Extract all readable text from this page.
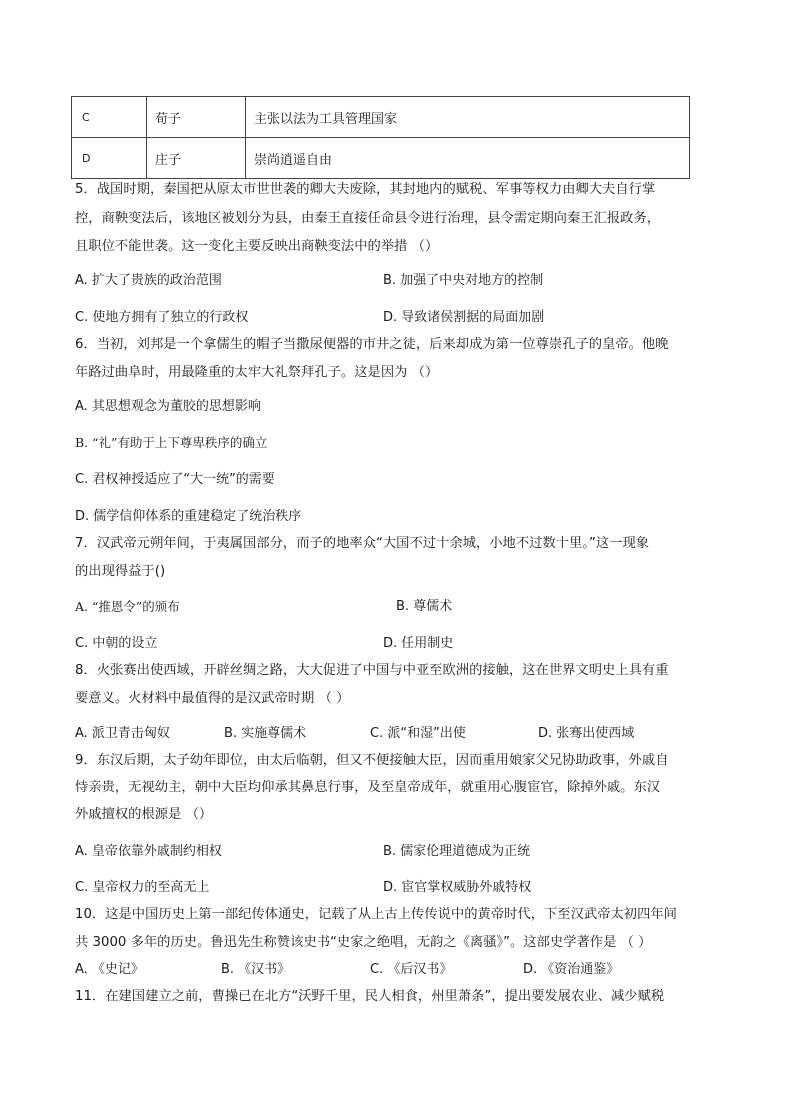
C	荀子	主张以法为工具管理国家
D	庄子	崇尚逍遥自由
5．战国时期，秦国把从原太市世世袭的卿大夫废除，其封地内的赋税、军事等权力由卿大夫自行掌
控，商鞅变法后，该地区被划分为县，由秦王直接任命县令进行治理，县令需定期向秦王汇报政务，
且职位不能世袭。这一变化主要反映出商鞅变法中的举措 （）
A. 扩大了贵族的政治范围	B. 加强了中央对地方的控制
C. 使地方拥有了独立的行政权	D. 导致诸侯割据的局面加剧
6．当初，刘邦是一个拿儒生的帽子当撒尿便器的市井之徒，后来却成为第一位尊崇孔子的皇帝。他晚
年路过曲阜时，用最隆重的太牢大礼祭拜孔子。这是因为 （）
A. 其思想观念为董胶的思想影响
B. “礼”有助于上下尊卑秩序的确立
C. 君权神授适应了“大一统”的需要
D. 儒学信仰体系的重建稳定了统治秩序
7．汉武帝元朔年间，于夷属国部分，而子的地率众“大国不过十余城，小地不过数十里。”这一现象
的出现得益于()
A. “推恩令”的颁布	B. 尊儒术
C. 中朝的设立	D. 任用制史
8．火张赛出使西域，开辟丝绸之路，大大促进了中国与中亚至欧洲的接触，这在世界文明史上具有重
要意义。火材料中最值得的是汉武帝时期 （ ）
A. 派卫青击匈奴	B. 实施尊儒术	C. 派“和湿”出使	D. 张骞出使西域
9．东汉后期，太子幼年即位，由太后临朝，但又不便接触大臣，因而重用娘家父兄协助政事，外戚自
恃亲贵，无视幼主，朝中大臣均仰承其鼻息行事，及至皇帝成年，就重用心腹宦官，除掉外戚。东汉
外戚擅权的根源是 （）
A. 皇帝依靠外戚制约相权	B. 儒家伦理道德成为正统
C. 皇帝权力的至高无上	D. 宦官掌权威胁外戚特权
10．这是中国历史上第一部纪传体通史，记载了从上古上传传说中的黄帝时代，下至汉武帝太初四年间
共 3000 多年的历史。鲁迅先生称赞该史书“史家之绝唱，无韵之《离骚》”。这部史学著作是 （ ）
A. 《史记》	B. 《汉书》	C. 《后汉书》	D. 《资治通鉴》
11．在建国建立之前，曹操已在北方“沃野千里，民人相食，州里萧条”，提出要发展农业、减少赋税
